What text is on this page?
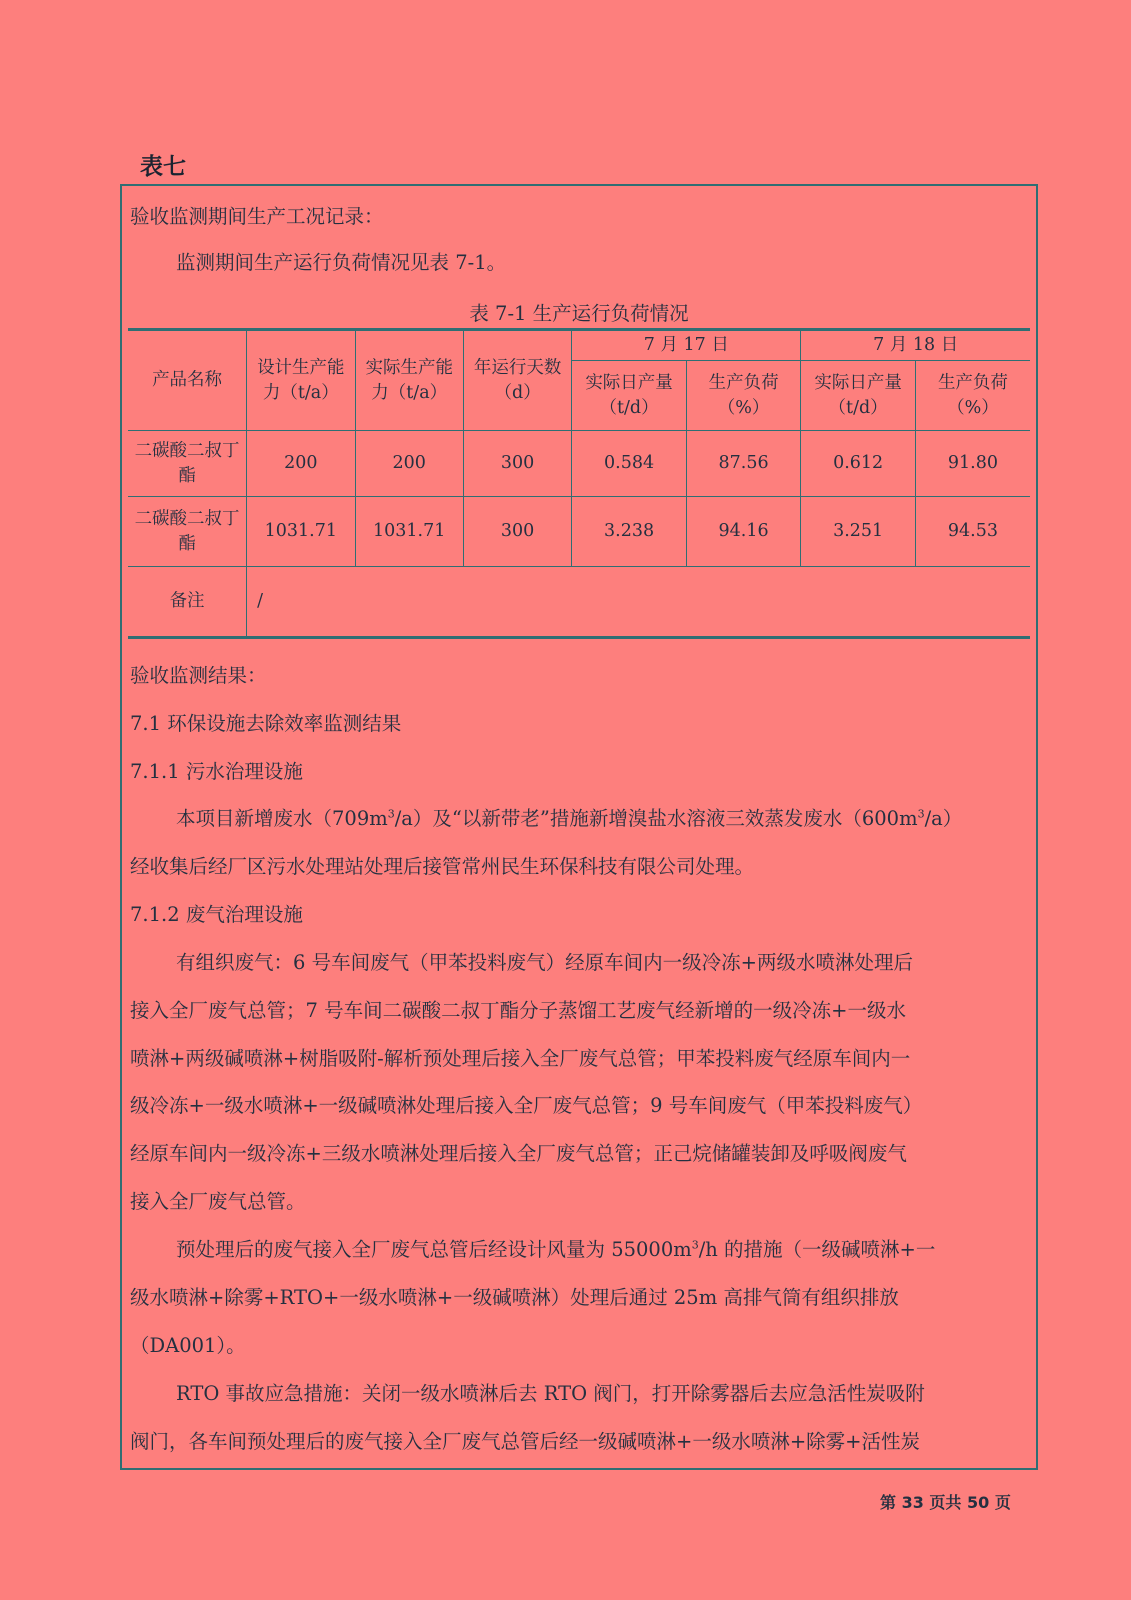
表七
验收监测期间生产工况记录：
监测期间生产运行负荷情况见表 7-1。
表 7-1 生产运行负荷情况
产品名称	设计生产能力（t/a）	实际生产能力（t/a）	年运行天数（d）	7 月 17 日		7 月 18 日	
				实际日产量（t/d）	生产负荷（%）	实际日产量（t/d）	生产负荷（%）
二碳酸二叔丁酯	200	200	300	0.584	87.56	0.612	91.80
二碳酸二叔丁酯	1031.71	1031.71	300	3.238	94.16	3.251	94.53
备注	/						
验收监测结果：
7.1 环保设施去除效率监测结果
7.1.1 污水治理设施
本项目新增废水$(709m^3/a)$及“以新带老”措施新增溴盐水溶液三效蒸发废水$(600m^3/a)$
经收集后经厂区污水处理站处理后接管常州民生环保科技有限公司处理。
7.1.2 废气治理设施
有组织废气：6 号车间废气（甲苯投料废气）经原车间内一级冷冻+两级水喷淋处理后
接入全厂废气总管；7 号车间二碳酸二叔丁酯分子蒸馏工艺废气经新增的一级冷冻+一级水
喷淋+两级碱喷淋+树脂吸附-解析预处理后接入全厂废气总管；甲苯投料废气经原车间内一
级冷冻+一级水喷淋+一级碱喷淋处理后接入全厂废气总管；9 号车间废气（甲苯投料废气）
经原车间内一级冷冻+三级水喷淋处理后接入全厂废气总管；正己烷储罐装卸及呼吸阀废气
接入全厂废气总管。
预处理后的废气接入全厂废气总管后经设计风量为 $55000m^3/h$ 的措施（一级碱喷淋+一
级水喷淋+除雾+RTO+一级水喷淋+一级碱喷淋）处理后通过 25m 高排气筒有组织排放
（DA001）。
RTO 事故应急措施：关闭一级水喷淋后去 RTO 阀门，打开除雾器后去应急活性炭吸附
阀门，各车间预处理后的废气接入全厂废气总管后经一级碱喷淋+一级水喷淋+除雾+活性炭
第 33 页共 50 页
